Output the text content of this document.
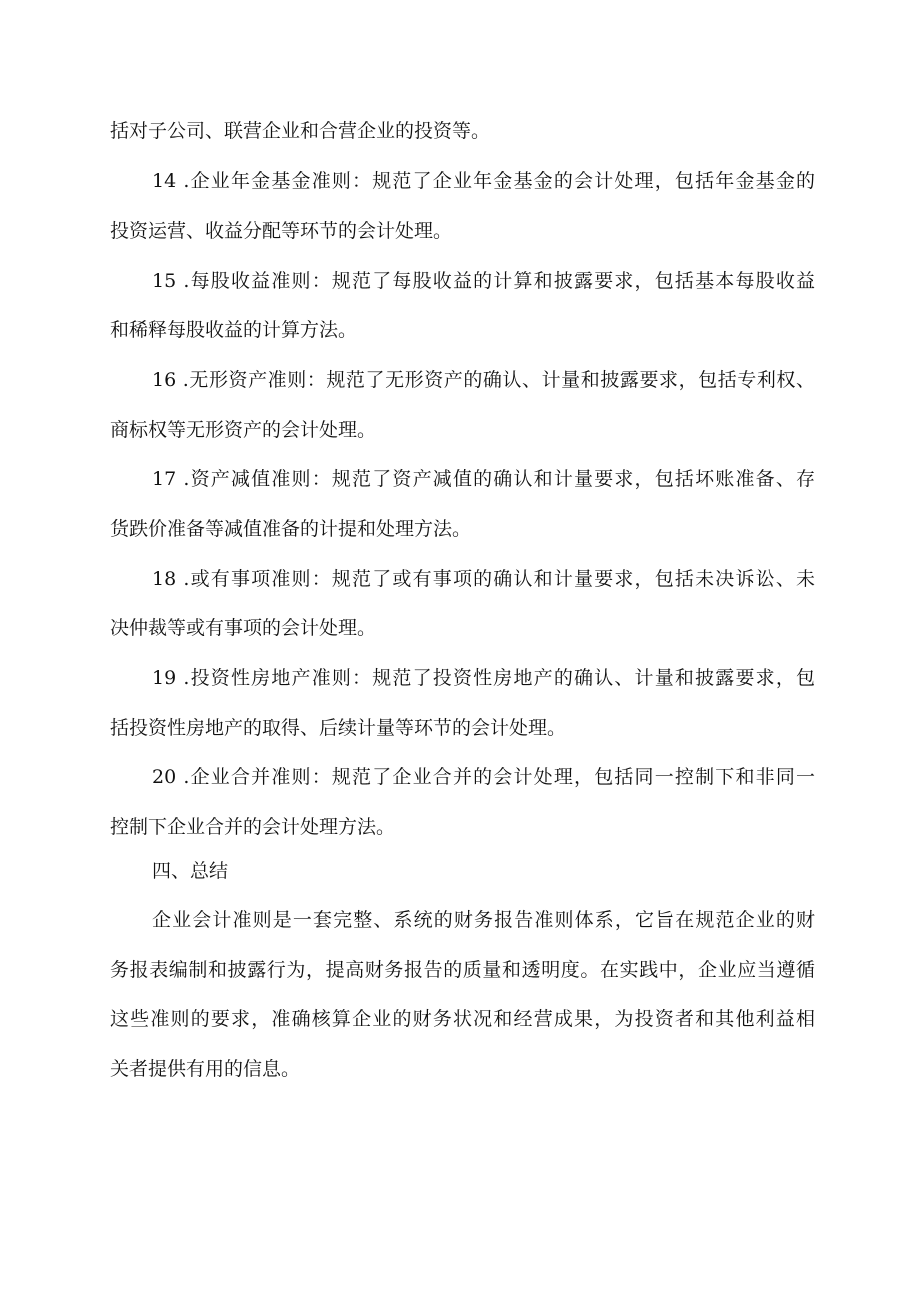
括对子公司、联营企业和合营企业的投资等。
14 .企业年金基金准则：规范了企业年金基金的会计处理，包括年金基金的
投资运营、收益分配等环节的会计处理。
15 .每股收益准则：规范了每股收益的计算和披露要求，包括基本每股收益
和稀释每股收益的计算方法。
16 .无形资产准则：规范了无形资产的确认、计量和披露要求，包括专利权、
商标权等无形资产的会计处理。
17 .资产减值准则：规范了资产减值的确认和计量要求，包括坏账准备、存
货跌价准备等减值准备的计提和处理方法。
18 .或有事项准则：规范了或有事项的确认和计量要求，包括未决诉讼、未
决仲裁等或有事项的会计处理。
19 .投资性房地产准则：规范了投资性房地产的确认、计量和披露要求，包
括投资性房地产的取得、后续计量等环节的会计处理。
20 .企业合并准则：规范了企业合并的会计处理，包括同一控制下和非同一
控制下企业合并的会计处理方法。
四、总结
企业会计准则是一套完整、系统的财务报告准则体系，它旨在规范企业的财
务报表编制和披露行为，提高财务报告的质量和透明度。在实践中，企业应当遵循
这些准则的要求，准确核算企业的财务状况和经营成果，为投资者和其他利益相
关者提供有用的信息。
